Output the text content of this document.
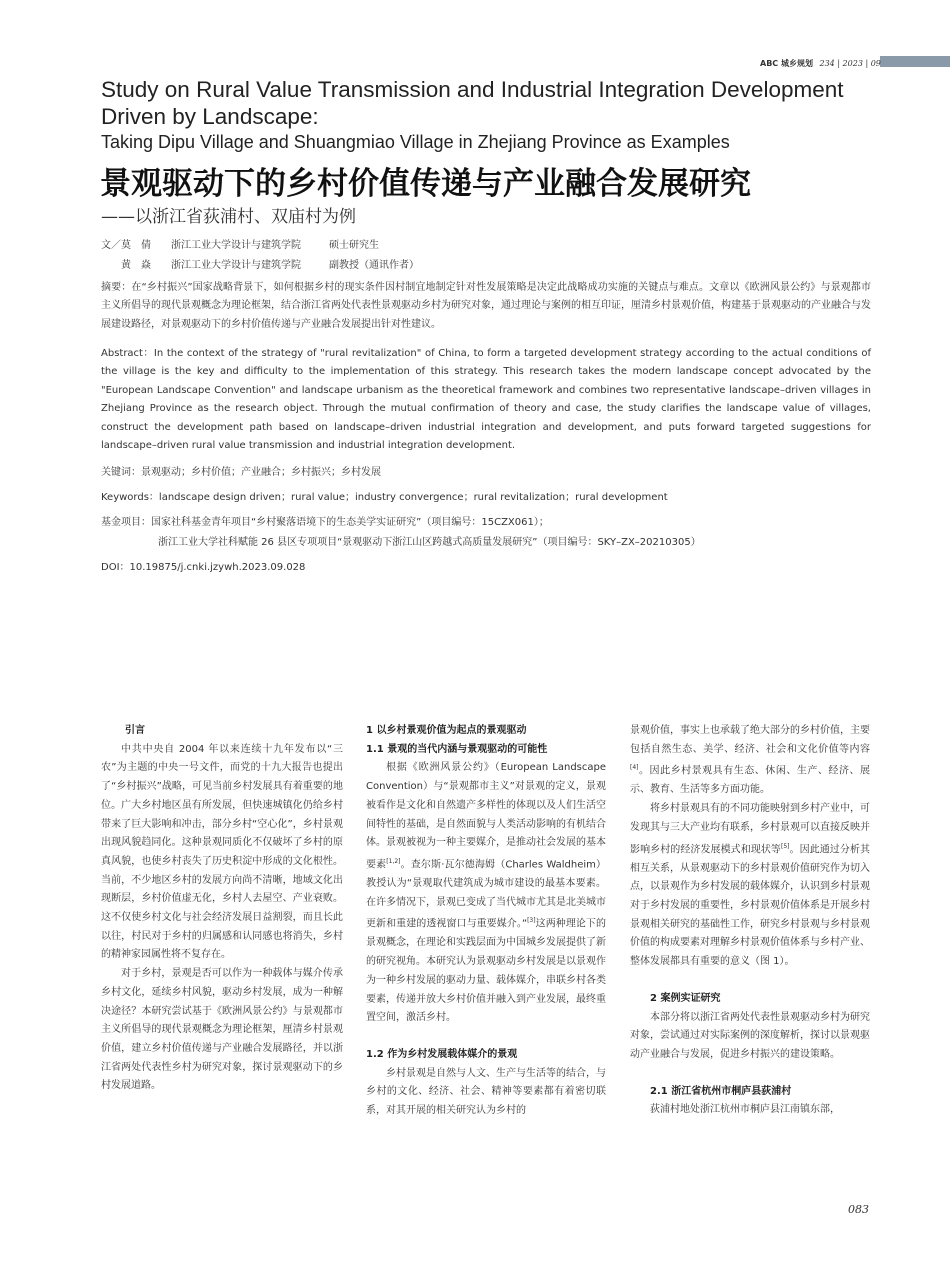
ABC 城乡规划 234 | 2023 | 09
Study on Rural Value Transmission and Industrial Integration Development Driven by Landscape:
Taking Dipu Village and Shuangmiao Village in Zhejiang Province as Examples
景观驱动下的乡村价值传递与产业融合发展研究
——以浙江省荻浦村、双庙村为例
文／莫　倩 浙江工业大学设计与建筑学院	硕士研究生
黄　焱 浙江工业大学设计与建筑学院	副教授（通讯作者）
摘要：在“乡村振兴”国家战略背景下，如何根据乡村的现实条件因村制宜地制定针对性发展策略是决定此战略成功实施的关键点与难点。文章以《欧洲风景公约》与景观都市主义所倡导的现代景观概念为理论框架，结合浙江省两处代表性景观驱动乡村为研究对象，通过理论与案例的相互印证，厘清乡村景观价值，构建基于景观驱动的产业融合与发展建设路径，对景观驱动下的乡村价值传递与产业融合发展提出针对性建议。
Abstract：In the context of the strategy of "rural revitalization" of China, to form a targeted development strategy according to the actual conditions of the village is the key and difficulty to the implementation of this strategy. This research takes the modern landscape concept advocated by the "European Landscape Convention" and landscape urbanism as the theoretical framework and combines two representative landscape–driven villages in Zhejiang Province as the research object. Through the mutual confirmation of theory and case, the study clarifies the landscape value of villages, construct the development path based on landscape–driven industrial integration and development, and puts forward targeted suggestions for landscape–driven rural value transmission and industrial integration development.
关键词：景观驱动；乡村价值；产业融合；乡村振兴；乡村发展
Keywords：landscape design driven；rural value；industry convergence；rural revitalization；rural development
基金项目：国家社科基金青年项目“乡村聚落语境下的生态美学实证研究”（项目编号：15CZX061）；
浙江工业大学社科赋能 26 县区专项项目“景观驱动下浙江山区跨越式高质量发展研究”（项目编号：SKY–ZX–20210305）
DOI：10.19875/j.cnki.jzywh.2023.09.028
引言

中共中央自 2004 年以来连续十九年发布以“三农”为主题的中央一号文件，而党的十九大报告也提出了“乡村振兴”战略，可见当前乡村发展具有着重要的地位。广大乡村地区虽有所发展，但快速城镇化仍给乡村带来了巨大影响和冲击，部分乡村“空心化”，乡村景观出现风貌趋同化。这种景观同质化不仅破坏了乡村的原真风貌，也使乡村丧失了历史积淀中形成的文化根性。当前，不少地区乡村的发展方向尚不清晰，地域文化出现断层，乡村价值虚无化，乡村人去屋空、产业衰败。这不仅使乡村文化与社会经济发展日益割裂，而且长此以往，村民对于乡村的归属感和认同感也将消失，乡村的精神家园属性将不复存在。

对于乡村，景观是否可以作为一种载体与媒介传承乡村文化，延续乡村风貌，驱动乡村发展，成为一种解决途径？本研究尝试基于《欧洲风景公约》与景观都市主义所倡导的现代景观概念为理论框架，厘清乡村景观价值，建立乡村价值传递与产业融合发展路径，并以浙江省两处代表性乡村为研究对象，探讨景观驱动下的乡村发展道路。

1 以乡村景观价值为起点的景观驱动
1.1 景观的当代内涵与景观驱动的可能性

根据《欧洲风景公约》（European Landscape Convention）与“景观都市主义”对景观的定义，景观被看作是文化和自然遗产多样性的体现以及人们生活空间特性的基础，是自然面貌与人类活动影响的有机结合体。景观被视为一种主要媒介，是推动社会发展的基本要素[1,2]。查尔斯·瓦尔德海姆（Charles Waldheim）教授认为“景观取代建筑成为城市建设的最基本要素。在许多情况下，景观已变成了当代城市尤其是北美城市更新和重建的透视窗口与重要媒介。”[3]这两种理论下的景观概念，在理论和实践层面为中国城乡发展提供了新的研究视角。本研究认为景观驱动乡村发展是以景观作为一种乡村发展的驱动力量、载体媒介，串联乡村各类要素，传递并放大乡村价值并融入到产业发展，最终重置空间，激活乡村。

1.2 作为乡村发展载体媒介的景观

乡村景观是自然与人文、生产与生活等的结合，与乡村的文化、经济、社会、精神等要素都有着密切联系，对其开展的相关研究认为乡村的

景观价值，事实上也承载了绝大部分的乡村价值，主要包括自然生态、美学、经济、社会和文化价值等内容[4]。因此乡村景观具有生态、休闲、生产、经济、展示、教育、生活等多方面功能。

将乡村景观具有的不同功能映射到乡村产业中，可发现其与三大产业均有联系，乡村景观可以直接反映并影响乡村的经济发展模式和现状等[5]。因此通过分析其相互关系，从景观驱动下的乡村景观价值研究作为切入点，以景观作为乡村发展的载体媒介，认识到乡村景观对于乡村发展的重要性，乡村景观价值体系是开展乡村景观相关研究的基础性工作，研究乡村景观与乡村景观价值的构成要素对理解乡村景观价值体系与乡村产业、整体发展都具有重要的意义（图 1）。

2 案例实证研究

本部分将以浙江省两处代表性景观驱动乡村为研究对象，尝试通过对实际案例的深度解析，探讨以景观驱动产业融合与发展，促进乡村振兴的建设策略。

2.1 浙江省杭州市桐庐县荻浦村

荻浦村地处浙江杭州市桐庐县江南镇东部，

083
